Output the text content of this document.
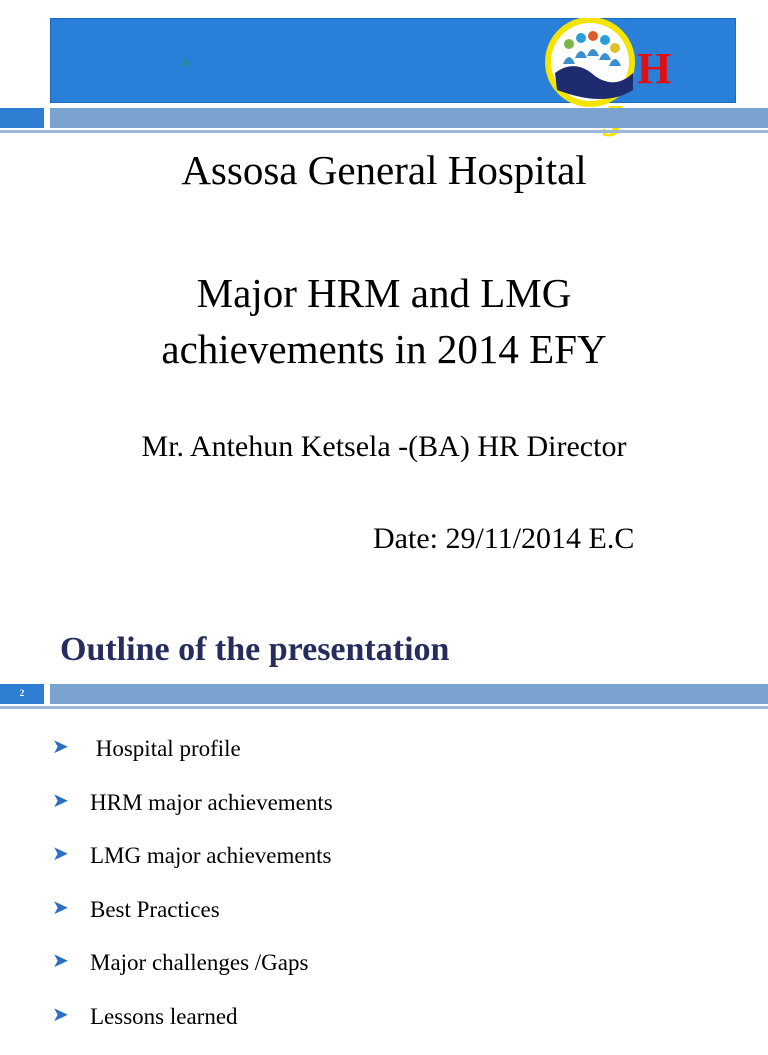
A	H
Assosa General Hospital
Major HRM and LMG
achievements in 2014 EFY
Mr. Antehun Ketsela -(BA) HR Director
Date: 29/11/2014 E.C
Outline of the presentation
2
➤ Hospital profile
➤ HRM major achievements
➤ LMG major achievements
➤ Best Practices
➤ Major challenges /Gaps
➤ Lessons learned
